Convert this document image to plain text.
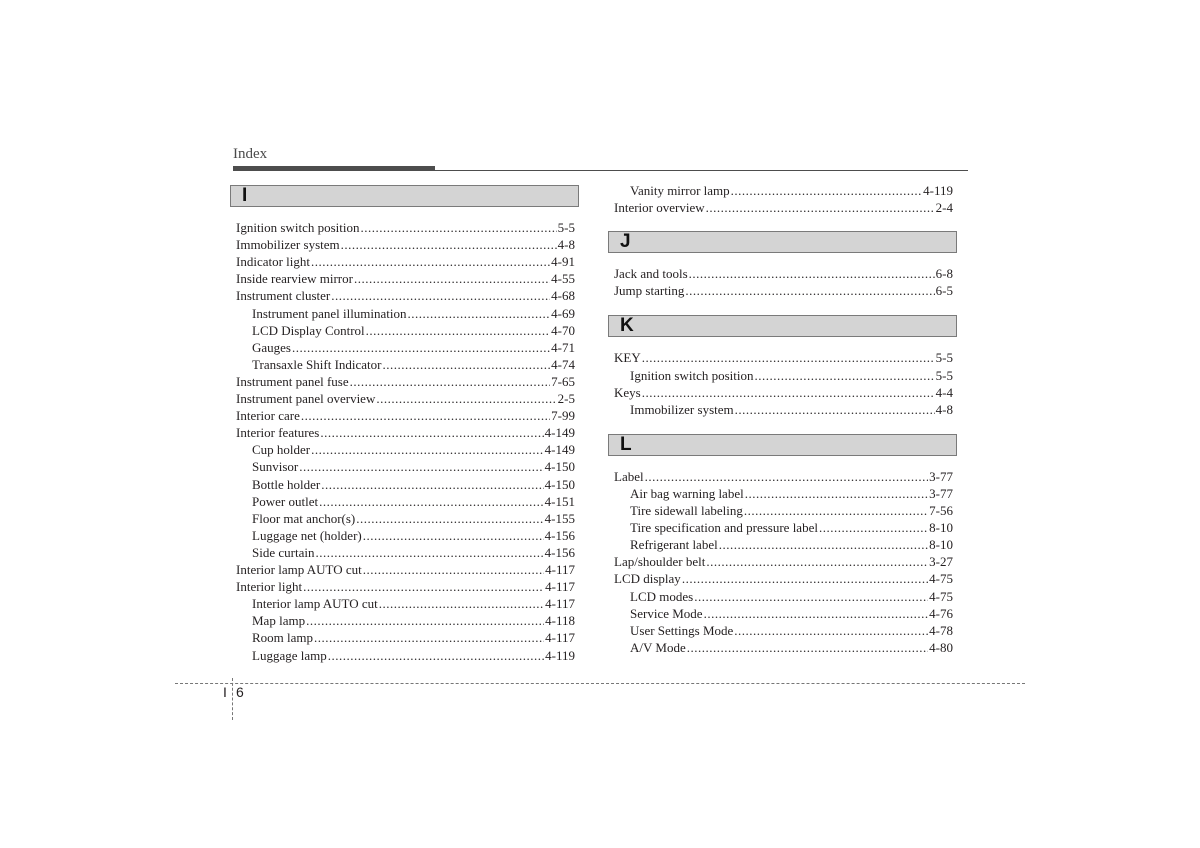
Index
I
Ignition switch position .....	5-5
Immobilizer system .....	4-8
Indicator light .....	4-91
Inside rearview mirror .....	4-55
Instrument cluster .....	4-68
Instrument panel illumination .....	4-69
LCD Display Control .....	4-70
Gauges .....	4-71
Transaxle Shift Indicator .....	4-74
Instrument panel fuse .....	7-65
Instrument panel overview .....	2-5
Interior care .....	7-99
Interior features .....	4-149
Cup holder .....	4-149
Sunvisor .....	4-150
Bottle holder .....	4-150
Power outlet .....	4-151
Floor mat anchor(s) .....	4-155
Luggage net (holder) .....	4-156
Side curtain .....	4-156
Interior lamp AUTO cut .....	4-117
Interior light .....	4-117
Interior lamp AUTO cut .....	4-117
Map lamp .....	4-118
Room lamp .....	4-117
Luggage lamp .....	4-119
Vanity mirror lamp .....	4-119
Interior overview .....	2-4
J
Jack and tools .....	6-8
Jump starting .....	6-5
K
KEY .....	5-5
Ignition switch position .....	5-5
Keys .....	4-4
Immobilizer system .....	4-8
L
Label .....	3-77
Air bag warning label .....	3-77
Tire sidewall labeling .....	7-56
Tire specification and pressure label .....	8-10
Refrigerant label .....	8-10
Lap/shoulder belt .....	3-27
LCD display .....	4-75
LCD modes .....	4-75
Service Mode .....	4-76
User Settings Mode .....	4-78
A/V Mode .....	4-80
I 6
